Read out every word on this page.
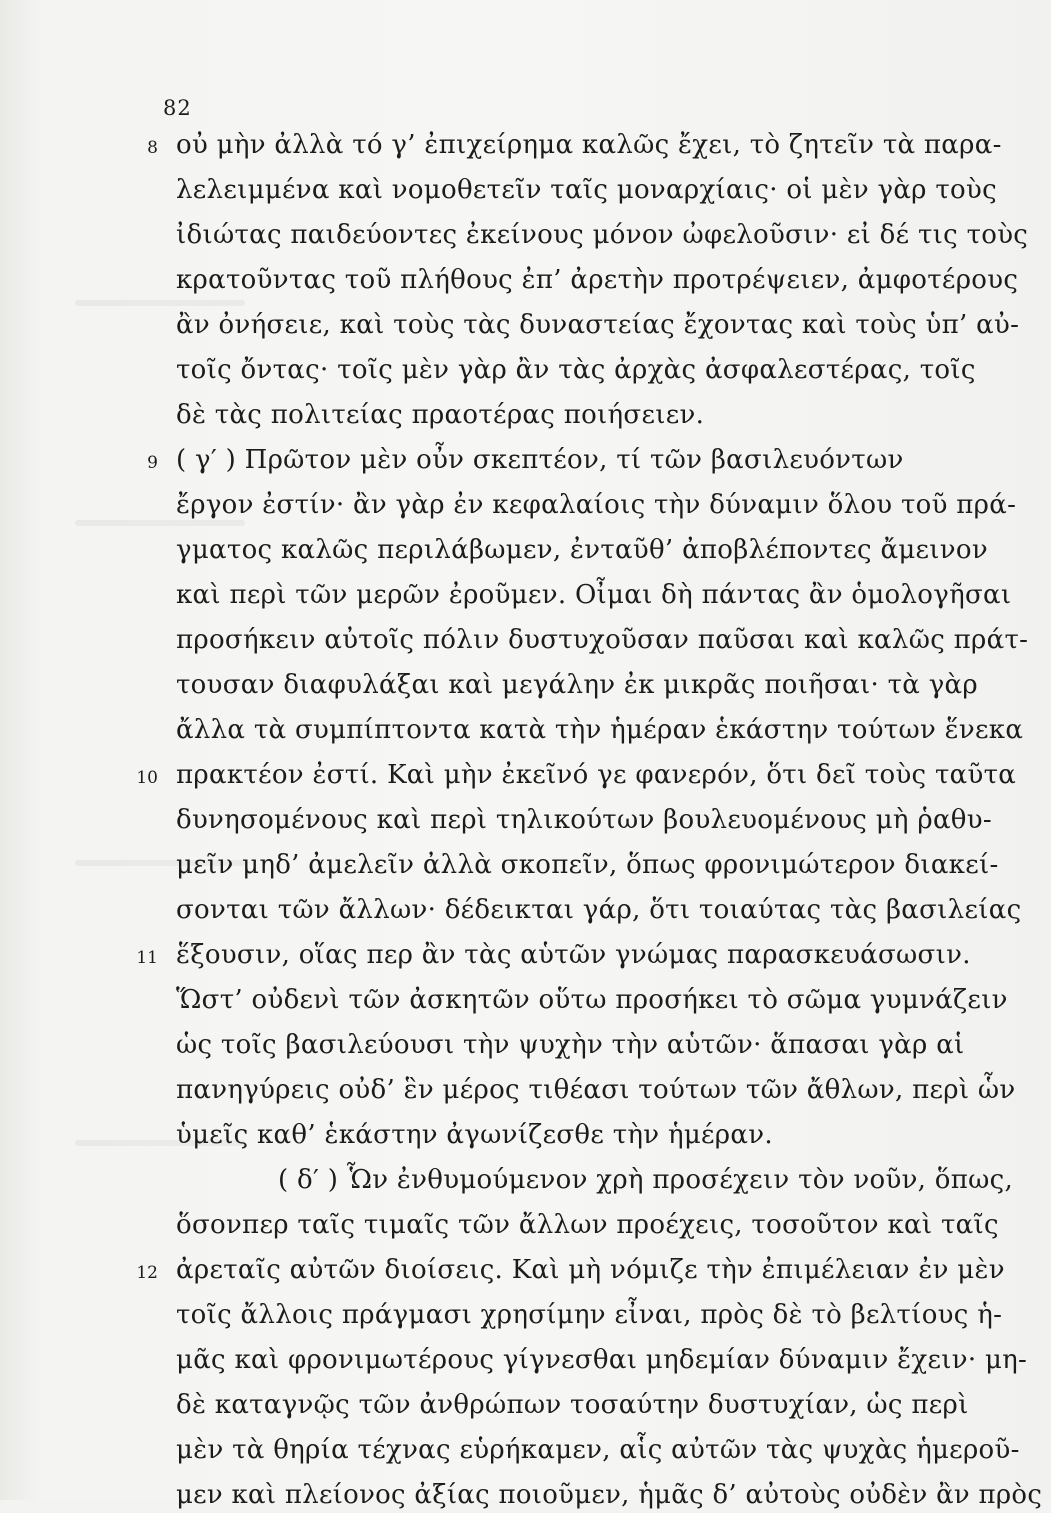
82
8 οὐ μὴν ἀλλὰ τό γ’ ἐπιχείρημα καλῶς ἔχει, τὸ ζητεῖν τὰ παρα-
λελειμμένα καὶ νομοθετεῖν ταῖς μοναρχίαις· οἱ μὲν γὰρ τοὺς
ἰδιώτας παιδεύοντες ἐκείνους μόνον ὠφελοῦσιν· εἰ δέ τις τοὺς
κρατοῦντας τοῦ πλήθους ἐπ’ ἀρετὴν προτρέψειεν, ἀμφοτέρους
ἂν ὀνήσειε, καὶ τοὺς τὰς δυναστείας ἔχοντας καὶ τοὺς ὑπ’ αὐ-
τοῖς ὄντας· τοῖς μὲν γὰρ ἂν τὰς ἀρχὰς ἀσφαλεστέρας, τοῖς
δὲ τὰς πολιτείας πραοτέρας ποιήσειεν.
9 ( γ′ ) Πρῶτον μὲν οὖν σκεπτέον, τί τῶν βασιλευόντων
ἔργον ἐστίν· ἂν γὰρ ἐν κεφαλαίοις τὴν δύναμιν ὅλου τοῦ πρά-
γματος καλῶς περιλάβωμεν, ἐνταῦθ’ ἀποβλέποντες ἄμεινον
καὶ περὶ τῶν μερῶν ἐροῦμεν. Οἶμαι δὴ πάντας ἂν ὁμολογῆσαι
προσήκειν αὐτοῖς πόλιν δυστυχοῦσαν παῦσαι καὶ καλῶς πράτ-
τουσαν διαφυλάξαι καὶ μεγάλην ἐκ μικρᾶς ποιῆσαι· τὰ γὰρ
ἄλλα τὰ συμπίπτοντα κατὰ τὴν ἡμέραν ἑκάστην τούτων ἕνεκα
10 πρακτέον ἐστί. Καὶ μὴν ἐκεῖνό γε φανερόν, ὅτι δεῖ τοὺς ταῦτα
δυνησομένους καὶ περὶ τηλικούτων βουλευομένους μὴ ῥαθυ-
μεῖν μηδ’ ἀμελεῖν ἀλλὰ σκοπεῖν, ὅπως φρονιμώτερον διακεί-
σονται τῶν ἄλλων· δέδεικται γάρ, ὅτι τοιαύτας τὰς βασιλείας
11 ἕξουσιν, οἵας περ ἂν τὰς αὑτῶν γνώμας παρασκευάσωσιν.
Ὥστ’ οὐδενὶ τῶν ἀσκητῶν οὕτω προσήκει τὸ σῶμα γυμνάζειν
ὡς τοῖς βασιλεύουσι τὴν ψυχὴν τὴν αὑτῶν· ἅπασαι γὰρ αἱ
πανηγύρεις οὐδ’ ἓν μέρος τιθέασι τούτων τῶν ἄθλων, περὶ ὧν
ὑμεῖς καθ’ ἑκάστην ἀγωνίζεσθε τὴν ἡμέραν.
( δ′ ) Ὧν ἐνθυμούμενον χρὴ προσέχειν τὸν νοῦν, ὅπως,
ὅσονπερ ταῖς τιμαῖς τῶν ἄλλων προέχεις, τοσοῦτον καὶ ταῖς
12 ἀρεταῖς αὐτῶν διοίσεις. Καὶ μὴ νόμιζε τὴν ἐπιμέλειαν ἐν μὲν
τοῖς ἄλλοις πράγμασι χρησίμην εἶναι, πρὸς δὲ τὸ βελτίους ἡ-
μᾶς καὶ φρονιμωτέρους γίγνεσθαι μηδεμίαν δύναμιν ἔχειν· μη-
δὲ καταγνῷς τῶν ἀνθρώπων τοσαύτην δυστυχίαν, ὡς περὶ
μὲν τὰ θηρία τέχνας εὑρήκαμεν, αἷς αὐτῶν τὰς ψυχὰς ἡμεροῦ-
μεν καὶ πλείονος ἀξίας ποιοῦμεν, ἡμᾶς δ’ αὐτοὺς οὐδὲν ἂν πρὸς
